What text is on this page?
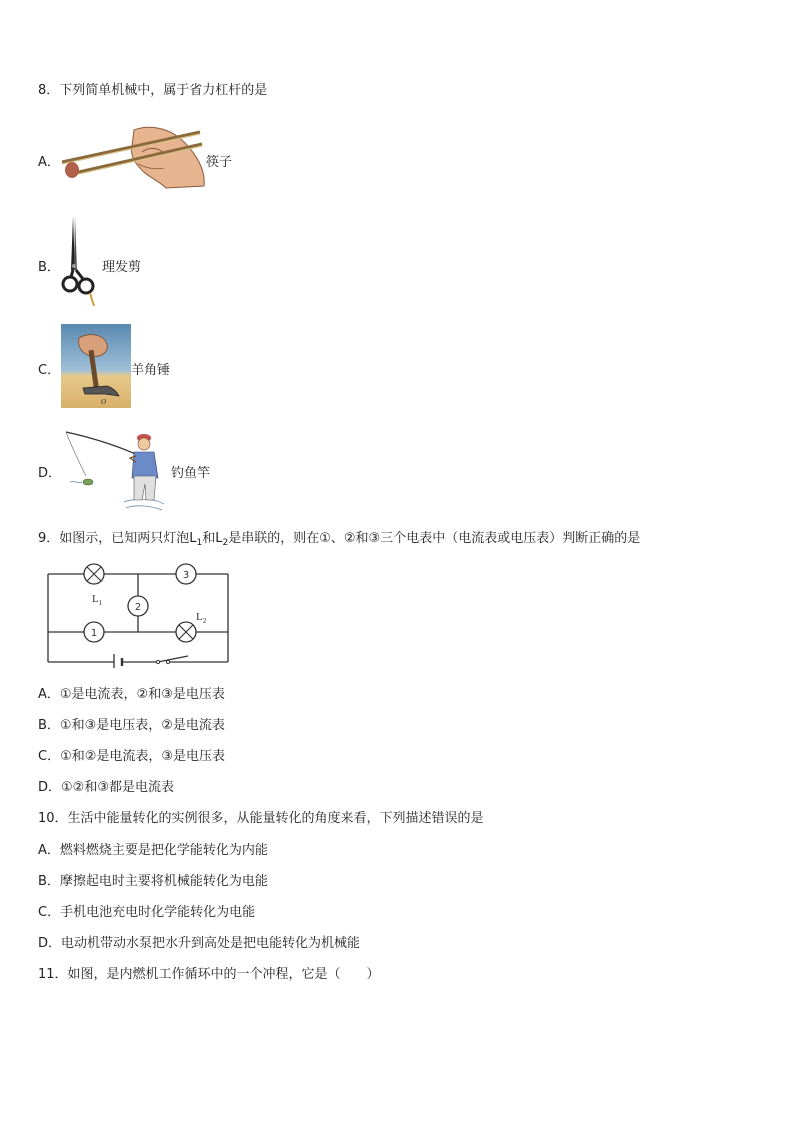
8．下列简单机械中，属于省力杠杆的是
A．	筷子
B．	理发剪
C．
O
羊角锤
D．	钓鱼竿
9．如图示，已知两只灯泡$L_1$和$L_2$是串联的，则在①、②和③三个电表中（电流表或电压表）判断正确的是
$L_1$
3
2
1
$L_2$
A．①是电流表，②和③是电压表
B．①和③是电压表，②是电流表
C．①和②是电流表，③是电压表
D．①②和③都是电流表
10．生活中能量转化的实例很多，从能量转化的角度来看，下列描述错误的是
A．燃料燃烧主要是把化学能转化为内能
B．摩擦起电时主要将机械能转化为电能
C．手机电池充电时化学能转化为电能
D．电动机带动水泵把水升到高处是把电能转化为机械能
11．如图，是内燃机工作循环中的一个冲程，它是（　　）
